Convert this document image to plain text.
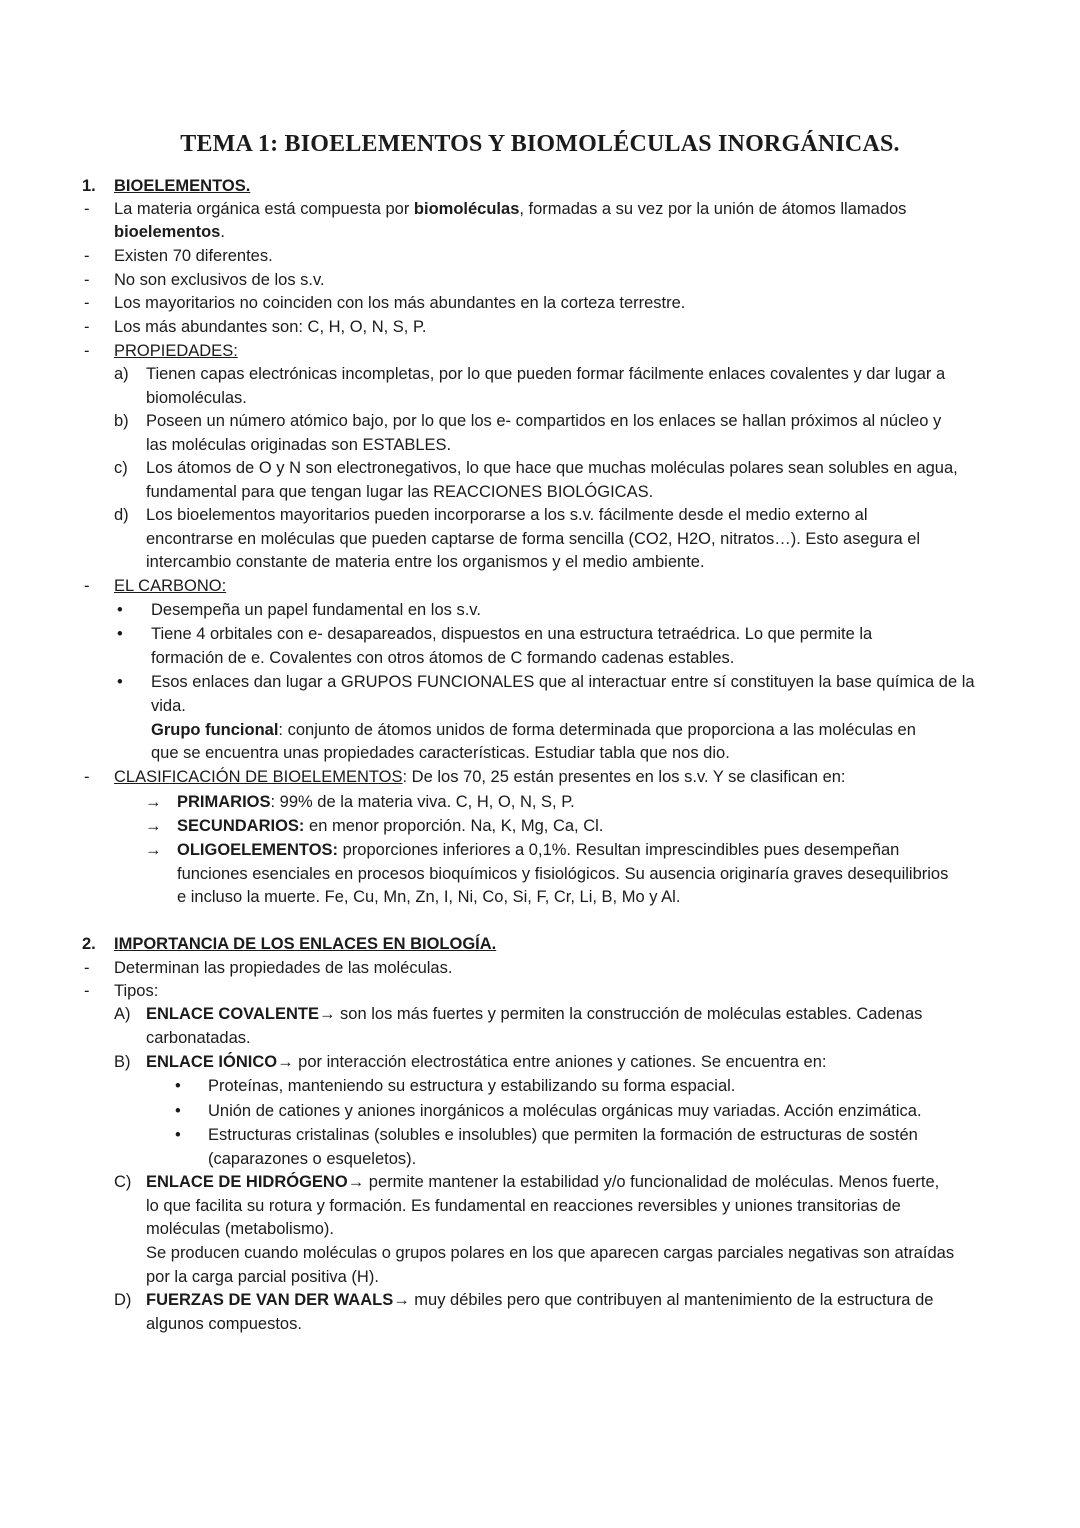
TEMA 1: BIOELEMENTOS Y BIOMOLÉCULAS INORGÁNICAS.
1. BIOELEMENTOS.
- La materia orgánica está compuesta por biomoléculas, formadas a su vez por la unión de átomos llamados
bioelementos.
- Existen 70 diferentes.
- No son exclusivos de los s.v.
- Los mayoritarios no coinciden con los más abundantes en la corteza terrestre.
- Los más abundantes son: C, H, O, N, S, P.
- PROPIEDADES:
a) Tienen capas electrónicas incompletas, por lo que pueden formar fácilmente enlaces covalentes y dar lugar a
biomoléculas.
b) Poseen un número atómico bajo, por lo que los e- compartidos en los enlaces se hallan próximos al núcleo y
las moléculas originadas son ESTABLES.
c) Los átomos de O y N son electronegativos, lo que hace que muchas moléculas polares sean solubles en agua,
fundamental para que tengan lugar las REACCIONES BIOLÓGICAS.
d) Los bioelementos mayoritarios pueden incorporarse a los s.v. fácilmente desde el medio externo al
encontrarse en moléculas que pueden captarse de forma sencilla (CO2, H2O, nitratos…). Esto asegura el
intercambio constante de materia entre los organismos y el medio ambiente.
- EL CARBONO:
• Desempeña un papel fundamental en los s.v.
• Tiene 4 orbitales con e- desapareados, dispuestos en una estructura tetraédrica. Lo que permite la
formación de e. Covalentes con otros átomos de C formando cadenas estables.
• Esos enlaces dan lugar a GRUPOS FUNCIONALES que al interactuar entre sí constituyen la base química de la
vida.
Grupo funcional: conjunto de átomos unidos de forma determinada que proporciona a las moléculas en
que se encuentra unas propiedades características. Estudiar tabla que nos dio.
- CLASIFICACIÓN DE BIOELEMENTOS: De los 70, 25 están presentes en los s.v. Y se clasifican en:
→ PRIMARIOS: 99% de la materia viva. C, H, O, N, S, P.
→ SECUNDARIOS: en menor proporción. Na, K, Mg, Ca, Cl.
→ OLIGOELEMENTOS: proporciones inferiores a 0,1%. Resultan imprescindibles pues desempeñan
funciones esenciales en procesos bioquímicos y fisiológicos. Su ausencia originaría graves desequilibrios
e incluso la muerte. Fe, Cu, Mn, Zn, I, Ni, Co, Si, F, Cr, Li, B, Mo y Al.
2. IMPORTANCIA DE LOS ENLACES EN BIOLOGÍA.
- Determinan las propiedades de las moléculas.
- Tipos:
A) ENLACE COVALENTE→ son los más fuertes y permiten la construcción de moléculas estables. Cadenas
carbonatadas.
B) ENLACE IÓNICO→ por interacción electrostática entre aniones y cationes. Se encuentra en:
• Proteínas, manteniendo su estructura y estabilizando su forma espacial.
• Unión de cationes y aniones inorgánicos a moléculas orgánicas muy variadas. Acción enzimática.
• Estructuras cristalinas (solubles e insolubles) que permiten la formación de estructuras de sostén
(caparazones o esqueletos).
C) ENLACE DE HIDRÓGENO→ permite mantener la estabilidad y/o funcionalidad de moléculas. Menos fuerte,
lo que facilita su rotura y formación. Es fundamental en reacciones reversibles y uniones transitorias de
moléculas (metabolismo).
Se producen cuando moléculas o grupos polares en los que aparecen cargas parciales negativas son atraídas
por la carga parcial positiva (H).
D) FUERZAS DE VAN DER WAALS→ muy débiles pero que contribuyen al mantenimiento de la estructura de
algunos compuestos.
